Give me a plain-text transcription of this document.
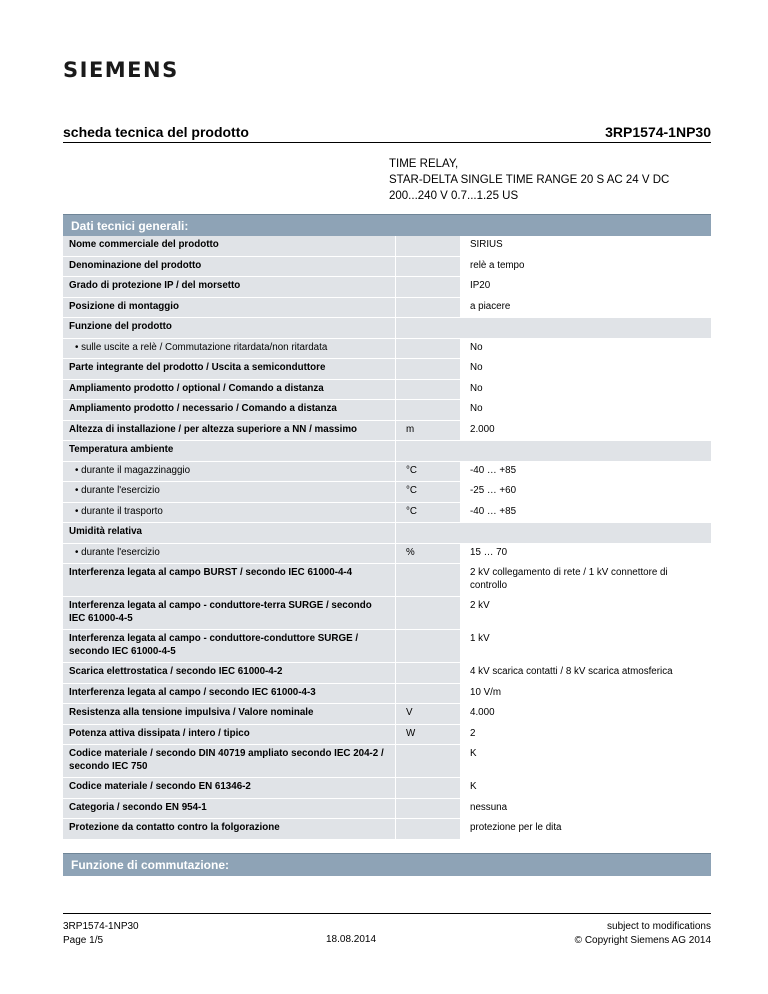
SIEMENS
scheda tecnica del prodotto	3RP1574-1NP30
TIME RELAY,
STAR-DELTA SINGLE TIME RANGE 20 S AC 24 V DC
200...240 V 0.7...1.25 US
Dati tecnici generali:
Nome commerciale del prodotto		SIRIUS
Denominazione del prodotto		relè a tempo
Grado di protezione IP / del morsetto		IP20
Posizione di montaggio		a piacere
Funzione del prodotto		
• sulle uscite a relè / Commutazione ritardata/non ritardata		No
Parte integrante del prodotto / Uscita a semiconduttore		No
Ampliamento prodotto / optional / Comando a distanza		No
Ampliamento prodotto / necessario / Comando a distanza		No
Altezza di installazione / per altezza superiore a NN / massimo	m	2.000
Temperatura ambiente		
• durante il magazzinaggio	°C	-40 … +85
• durante l'esercizio	°C	-25 … +60
• durante il trasporto	°C	-40 … +85
Umidità relativa		
• durante l'esercizio	%	15 … 70
Interferenza legata al campo BURST / secondo IEC 61000-4-4		2 kV collegamento di rete / 1 kV connettore di controllo
Interferenza legata al campo - conduttore-terra SURGE / secondo IEC 61000-4-5		2 kV
Interferenza legata al campo - conduttore-conduttore SURGE / secondo IEC 61000-4-5		1 kV
Scarica elettrostatica / secondo IEC 61000-4-2		4 kV scarica contatti / 8 kV scarica atmosferica
Interferenza legata al campo / secondo IEC 61000-4-3		10 V/m
Resistenza alla tensione impulsiva / Valore nominale	V	4.000
Potenza attiva dissipata / intero / tipico	W	2
Codice materiale / secondo DIN 40719 ampliato secondo IEC 204-2 / secondo IEC 750		K
Codice materiale / secondo EN 61346-2		K
Categoria / secondo EN 954-1		nessuna
Protezione da contatto contro la folgorazione		protezione per le dita
Funzione di commutazione:
3RP1574-1NP30
Page 1/5	18.08.2014
subject to modifications
© Copyright Siemens AG 2014
